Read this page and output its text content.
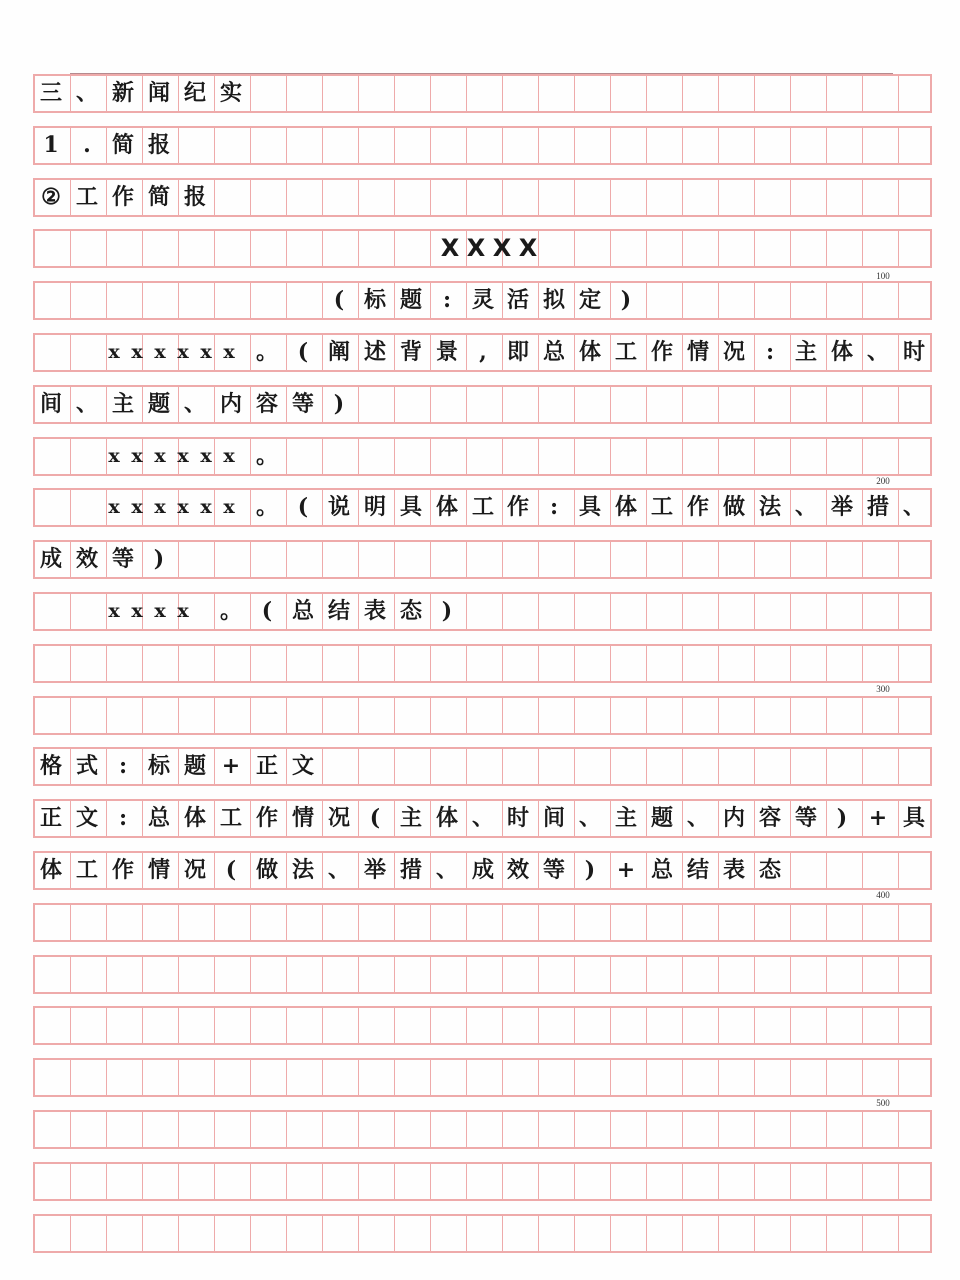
三 、 新 闻 纪 实
1	. 简 报
② 工 作 简 报
X X X X
( 标 题 : 灵 活 拟 定 )
x x x x x x 。 ( 阐 述 背 景 , 即 总 体 工 作 情 况 : 主 体 、 时
间 、 主 题 、 内 容 等 )
x x x x x x 。
x x x x x x 。 ( 说 明 具 体 工 作 : 具 体 工 作 做 法 、 举 措 、
成 效 等 )
x x x x	。 ( 总 结 表 态 )
格 式 : 标 题 + 正 文
正 文 : 总 体 工 作 情 况 ( 主 体 、 时 间 、 主 题 、 内 容 等 ) + 具
体 工 作 情 况 ( 做 法 、 举 措 、 成 效 等 ) + 总 结 表 态
100
200
300
400
500
